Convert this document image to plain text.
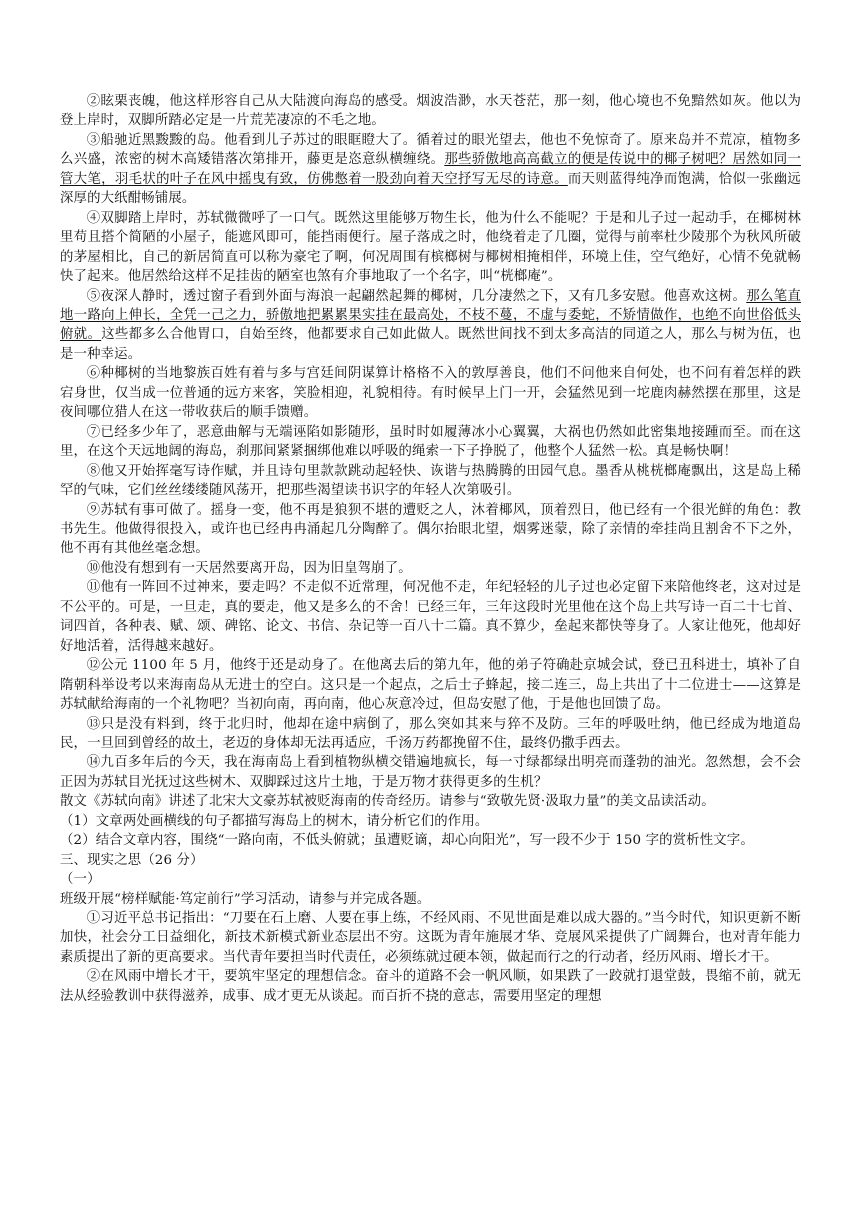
②眩栗丧魄，他这样形容自己从大陆渡向海岛的感受。烟波浩渺，水天苍茫，那一刻，他心境也不免黯然如灰。他以为登上岸时，双脚所踏必定是一片荒芜凄凉的不毛之地。

③船驰近黑黢黢的岛。他看到儿子苏过的眼眶瞪大了。循着过的眼光望去，他也不免惊奇了。原来岛并不荒凉，植物多么兴盛，浓密的树木高矮错落次第排开，藤更是恣意纵横缠绕。那些骄傲地高高截立的便是传说中的椰子树吧？居然如同一管大笔，羽毛状的叶子在风中摇曳有致，仿佛憋着一股劲向着天空抒写无尽的诗意。而天则蓝得纯净而饱满，恰似一张幽远深厚的大纸酣畅铺展。

④双脚踏上岸时，苏轼微微呼了一口气。既然这里能够万物生长，他为什么不能呢？于是和儿子过一起动手，在椰树林里苟且搭个简陋的小屋子，能遮风即可，能挡雨便行。屋子落成之时，他绕着走了几圈，觉得与前率杜少陵那个为秋风所破的茅屋相比，自己的新居简直可以称为豪宅了啊，何况周围有槟榔树与椰树相掩相伴，环境上佳，空气绝好，心情不免就畅快了起来。他居然给这样不足挂齿的陋室也煞有介事地取了一个名字，叫“桄榔庵”。

⑤夜深人静时，透过窗子看到外面与海浪一起翩然起舞的椰树，几分凄然之下，又有几多安慰。他喜欢这树。那么笔直地一路向上伸长，全凭一己之力，骄傲地把累累果实挂在最高处，不枝不蔓，不虚与委蛇，不矫情做作，也绝不向世俗低头俯就。这些都多么合他胃口，自始至终，他都要求自己如此做人。既然世间找不到太多高洁的同道之人，那么与树为伍，也是一种幸运。

⑥种椰树的当地黎族百姓有着与多与宫廷间阴谋算计格格不入的敦厚善良，他们不问他来自何处，也不问有着怎样的跌宕身世，仅当成一位普通的远方来客，笑脸相迎，礼貌相待。有时候早上门一开，会猛然见到一坨鹿肉赫然摆在那里，这是夜间哪位猎人在这一带收获后的顺手馈赠。

⑦已经多少年了，恶意曲解与无端诬陷如影随形，虽时时如履薄冰小心翼翼，大祸也仍然如此密集地接踵而至。而在这里，在这个天远地阔的海岛，刹那间紧紧捆绑他难以呼吸的绳索一下子挣脱了，他整个人猛然一松。真是畅快啊！

⑧他又开始挥毫写诗作赋，并且诗句里款款跳动起轻快、诙谐与热腾腾的田园气息。墨香从桃桄榔庵飘出，这是岛上稀罕的气味，它们丝丝缕缕随风荡开，把那些渴望读书识字的年轻人次第吸引。

⑨苏轼有事可做了。摇身一变，他不再是狼狈不堪的遭贬之人，沐着椰风，顶着烈日，他已经有一个很光鲜的角色：教书先生。他做得很投入，或许也已经冉冉涌起几分陶醉了。偶尔抬眼北望，烟雾迷蒙，除了亲情的牵挂尚且割舍不下之外，他不再有其他丝毫念想。

⑩他没有想到有一天居然要离开岛，因为旧皇驾崩了。

⑪他有一阵回不过神来，要走吗？不走似不近常理，何况他不走，年纪轻轻的儿子过也必定留下来陪他终老，这对过是不公平的。可是，一旦走，真的要走，他又是多么的不舍！已经三年，三年这段时光里他在这个岛上共写诗一百二十七首、词四首，各种表、赋、颂、碑铭、论文、书信、杂记等一百八十二篇。真不算少，垒起来都快等身了。人家让他死，他却好好地活着，活得越来越好。

⑫公元 1100 年 5 月，他终于还是动身了。在他离去后的第九年，他的弟子符确赴京城会试，登已丑科进士，填补了自隋朝科举设考以来海南岛从无进士的空白。这只是一个起点，之后士子蜂起，接二连三，岛上共出了十二位进士——这算是苏轼献给海南的一个礼物吧？当初向南，再向南，他心灰意冷过，但岛安慰了他，于是他也回馈了岛。

⑬只是没有料到，终于北归时，他却在途中病倒了，那么突如其来与猝不及防。三年的呼吸吐纳，他已经成为地道岛民，一旦回到曾经的故土，老迈的身体却无法再适应，千汤万药都挽留不住，最终仍撒手西去。

⑭九百多年后的今天，我在海南岛上看到植物纵横交错遍地疯长，每一寸绿都绿出明亮而蓬勃的油光。忽然想，会不会正因为苏轼目光抚过这些树木、双脚踩过这片土地，于是万物才获得更多的生机？

散文《苏轼向南》讲述了北宋大文豪苏轼被贬海南的传奇经历。请参与“致敬先贤·汲取力量”的美文品读活动。

（1）文章两处画横线的句子都描写海岛上的树木，请分析它们的作用。

（2）结合文章内容，围绕“一路向南，不低头俯就；虽遭贬谪，却心向阳光”，写一段不少于 150 字的赏析性文字。

三、现实之思（26 分）

（一）

班级开展“榜样赋能·笃定前行”学习活动，请参与并完成各题。

①习近平总书记指出：“刀要在石上磨、人要在事上练，不经风雨、不见世面是难以成大器的。”当今时代，知识更新不断加快，社会分工日益细化，新技术新模式新业态层出不穷。这既为青年施展才华、竞展风采提供了广阔舞台，也对青年能力素质提出了新的更高要求。当代青年要担当时代责任，必须练就过硬本领，做起而行之的行动者，经历风雨、增长才干。

②在风雨中增长才干，要筑牢坚定的理想信念。奋斗的道路不会一帆风顺，如果跌了一跤就打退堂鼓，畏缩不前，就无法从经验教训中获得滋养，成事、成才更无从谈起。而百折不挠的意志，需要用坚定的理想
